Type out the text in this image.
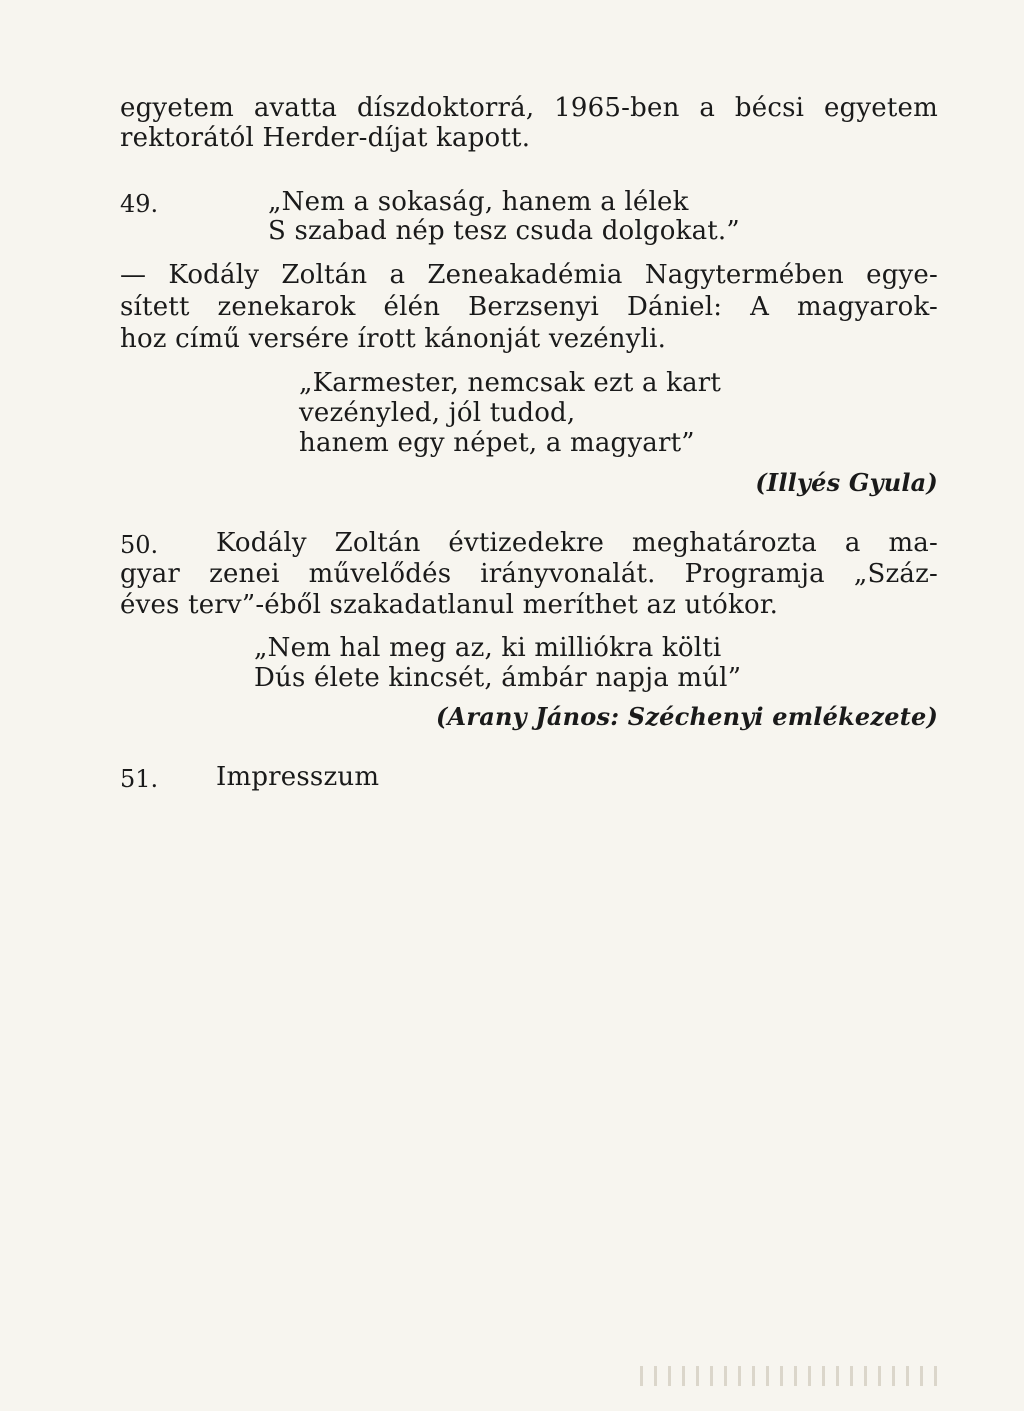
egyetem avatta díszdoktorrá, 1965-ben a bécsi egyetem
rektorától Herder-díjat kapott.
49.	„Nem a sokaság, hanem a lélek
S szabad nép tesz csuda dolgokat.”
— Kodály Zoltán a Zeneakadémia Nagytermében egye-
sített zenekarok élén Berzsenyi Dániel: A magyarok-
hoz című versére írott kánonját vezényli.
„Karmester, nemcsak ezt a kart
vezényled, jól tudod,
hanem egy népet, a magyart”
(Illyés Gyula)
50. Kodály Zoltán évtizedekre meghatározta a ma-
gyar zenei művelődés irányvonalát. Programja „Száz-
éves terv”-éből szakadatlanul meríthet az utókor.
„Nem hal meg az, ki milliókra költi
Dús élete kincsét, ámbár napja múl”
(Arany János: Széchenyi emlékezete)
51. Impresszum
